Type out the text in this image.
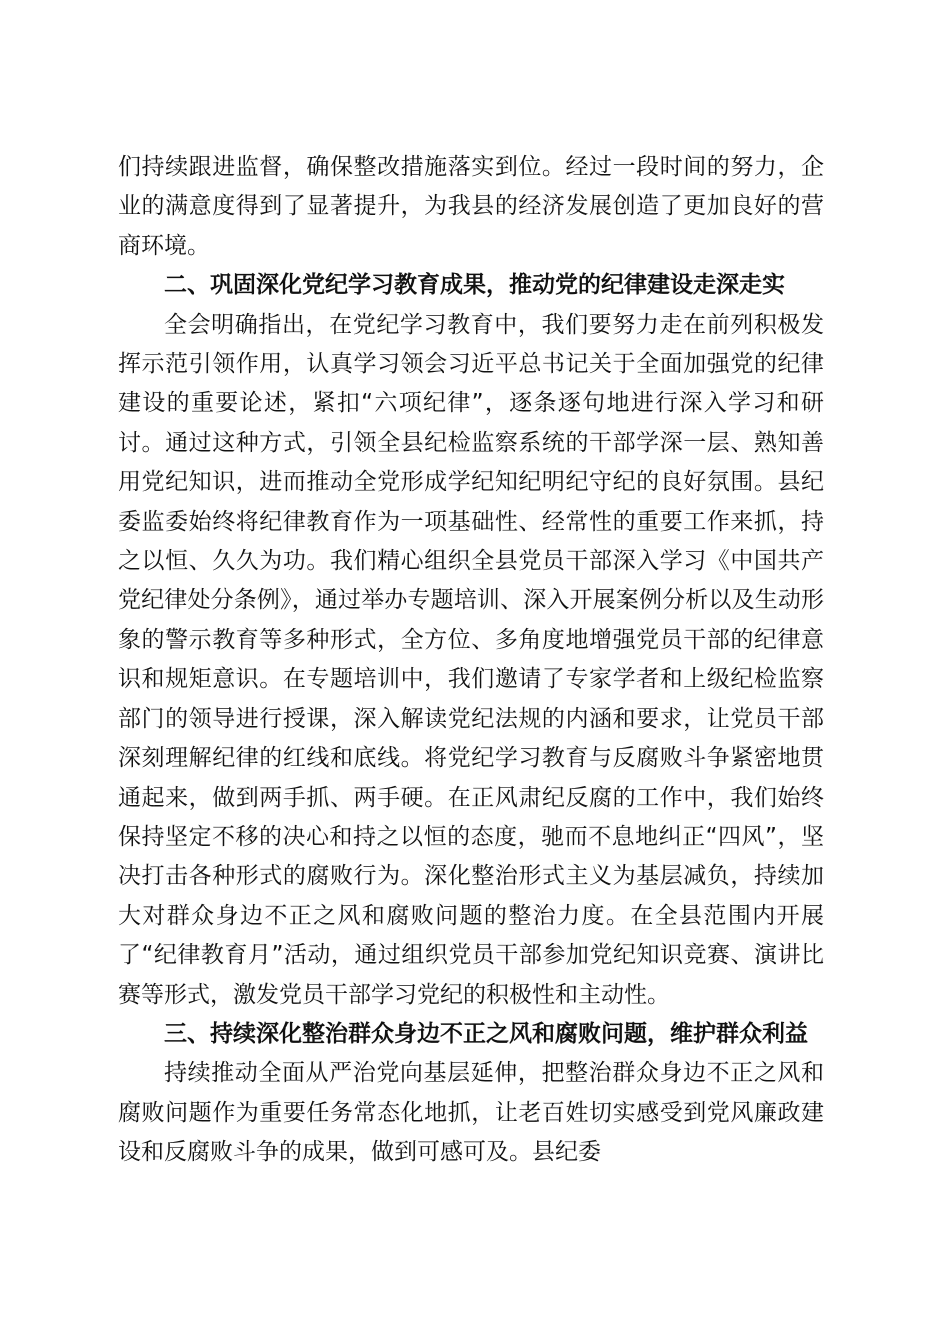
们持续跟进监督，确保整改措施落实到位。经过一段时间的努力，企业的满意度得到了显著提升，为我县的经济发展创造了更加良好的营商环境。

二、巩固深化党纪学习教育成果，推动党的纪律建设走深走实

全会明确指出，在党纪学习教育中，我们要努力走在前列积极发挥示范引领作用，认真学习领会习近平总书记关于全面加强党的纪律建设的重要论述，紧扣“六项纪律”，逐条逐句地进行深入学习和研讨。通过这种方式，引领全县纪检监察系统的干部学深一层、熟知善用党纪知识，进而推动全党形成学纪知纪明纪守纪的良好氛围。县纪委监委始终将纪律教育作为一项基础性、经常性的重要工作来抓，持之以恒、久久为功。我们精心组织全县党员干部深入学习《中国共产党纪律处分条例》，通过举办专题培训、深入开展案例分析以及生动形象的警示教育等多种形式，全方位、多角度地增强党员干部的纪律意识和规矩意识。在专题培训中，我们邀请了专家学者和上级纪检监察部门的领导进行授课，深入解读党纪法规的内涵和要求，让党员干部深刻理解纪律的红线和底线。将党纪学习教育与反腐败斗争紧密地贯通起来，做到两手抓、两手硬。在正风肃纪反腐的工作中，我们始终保持坚定不移的决心和持之以恒的态度，驰而不息地纠正“四风”，坚决打击各种形式的腐败行为。深化整治形式主义为基层减负，持续加大对群众身边不正之风和腐败问题的整治力度。在全县范围内开展了“纪律教育月”活动，通过组织党员干部参加党纪知识竞赛、演讲比赛等形式，激发党员干部学习党纪的积极性和主动性。

三、持续深化整治群众身边不正之风和腐败问题，维护群众利益

持续推动全面从严治党向基层延伸，把整治群众身边不正之风和腐败问题作为重要任务常态化地抓，让老百姓切实感受到党风廉政建设和反腐败斗争的成果，做到可感可及。县纪委
